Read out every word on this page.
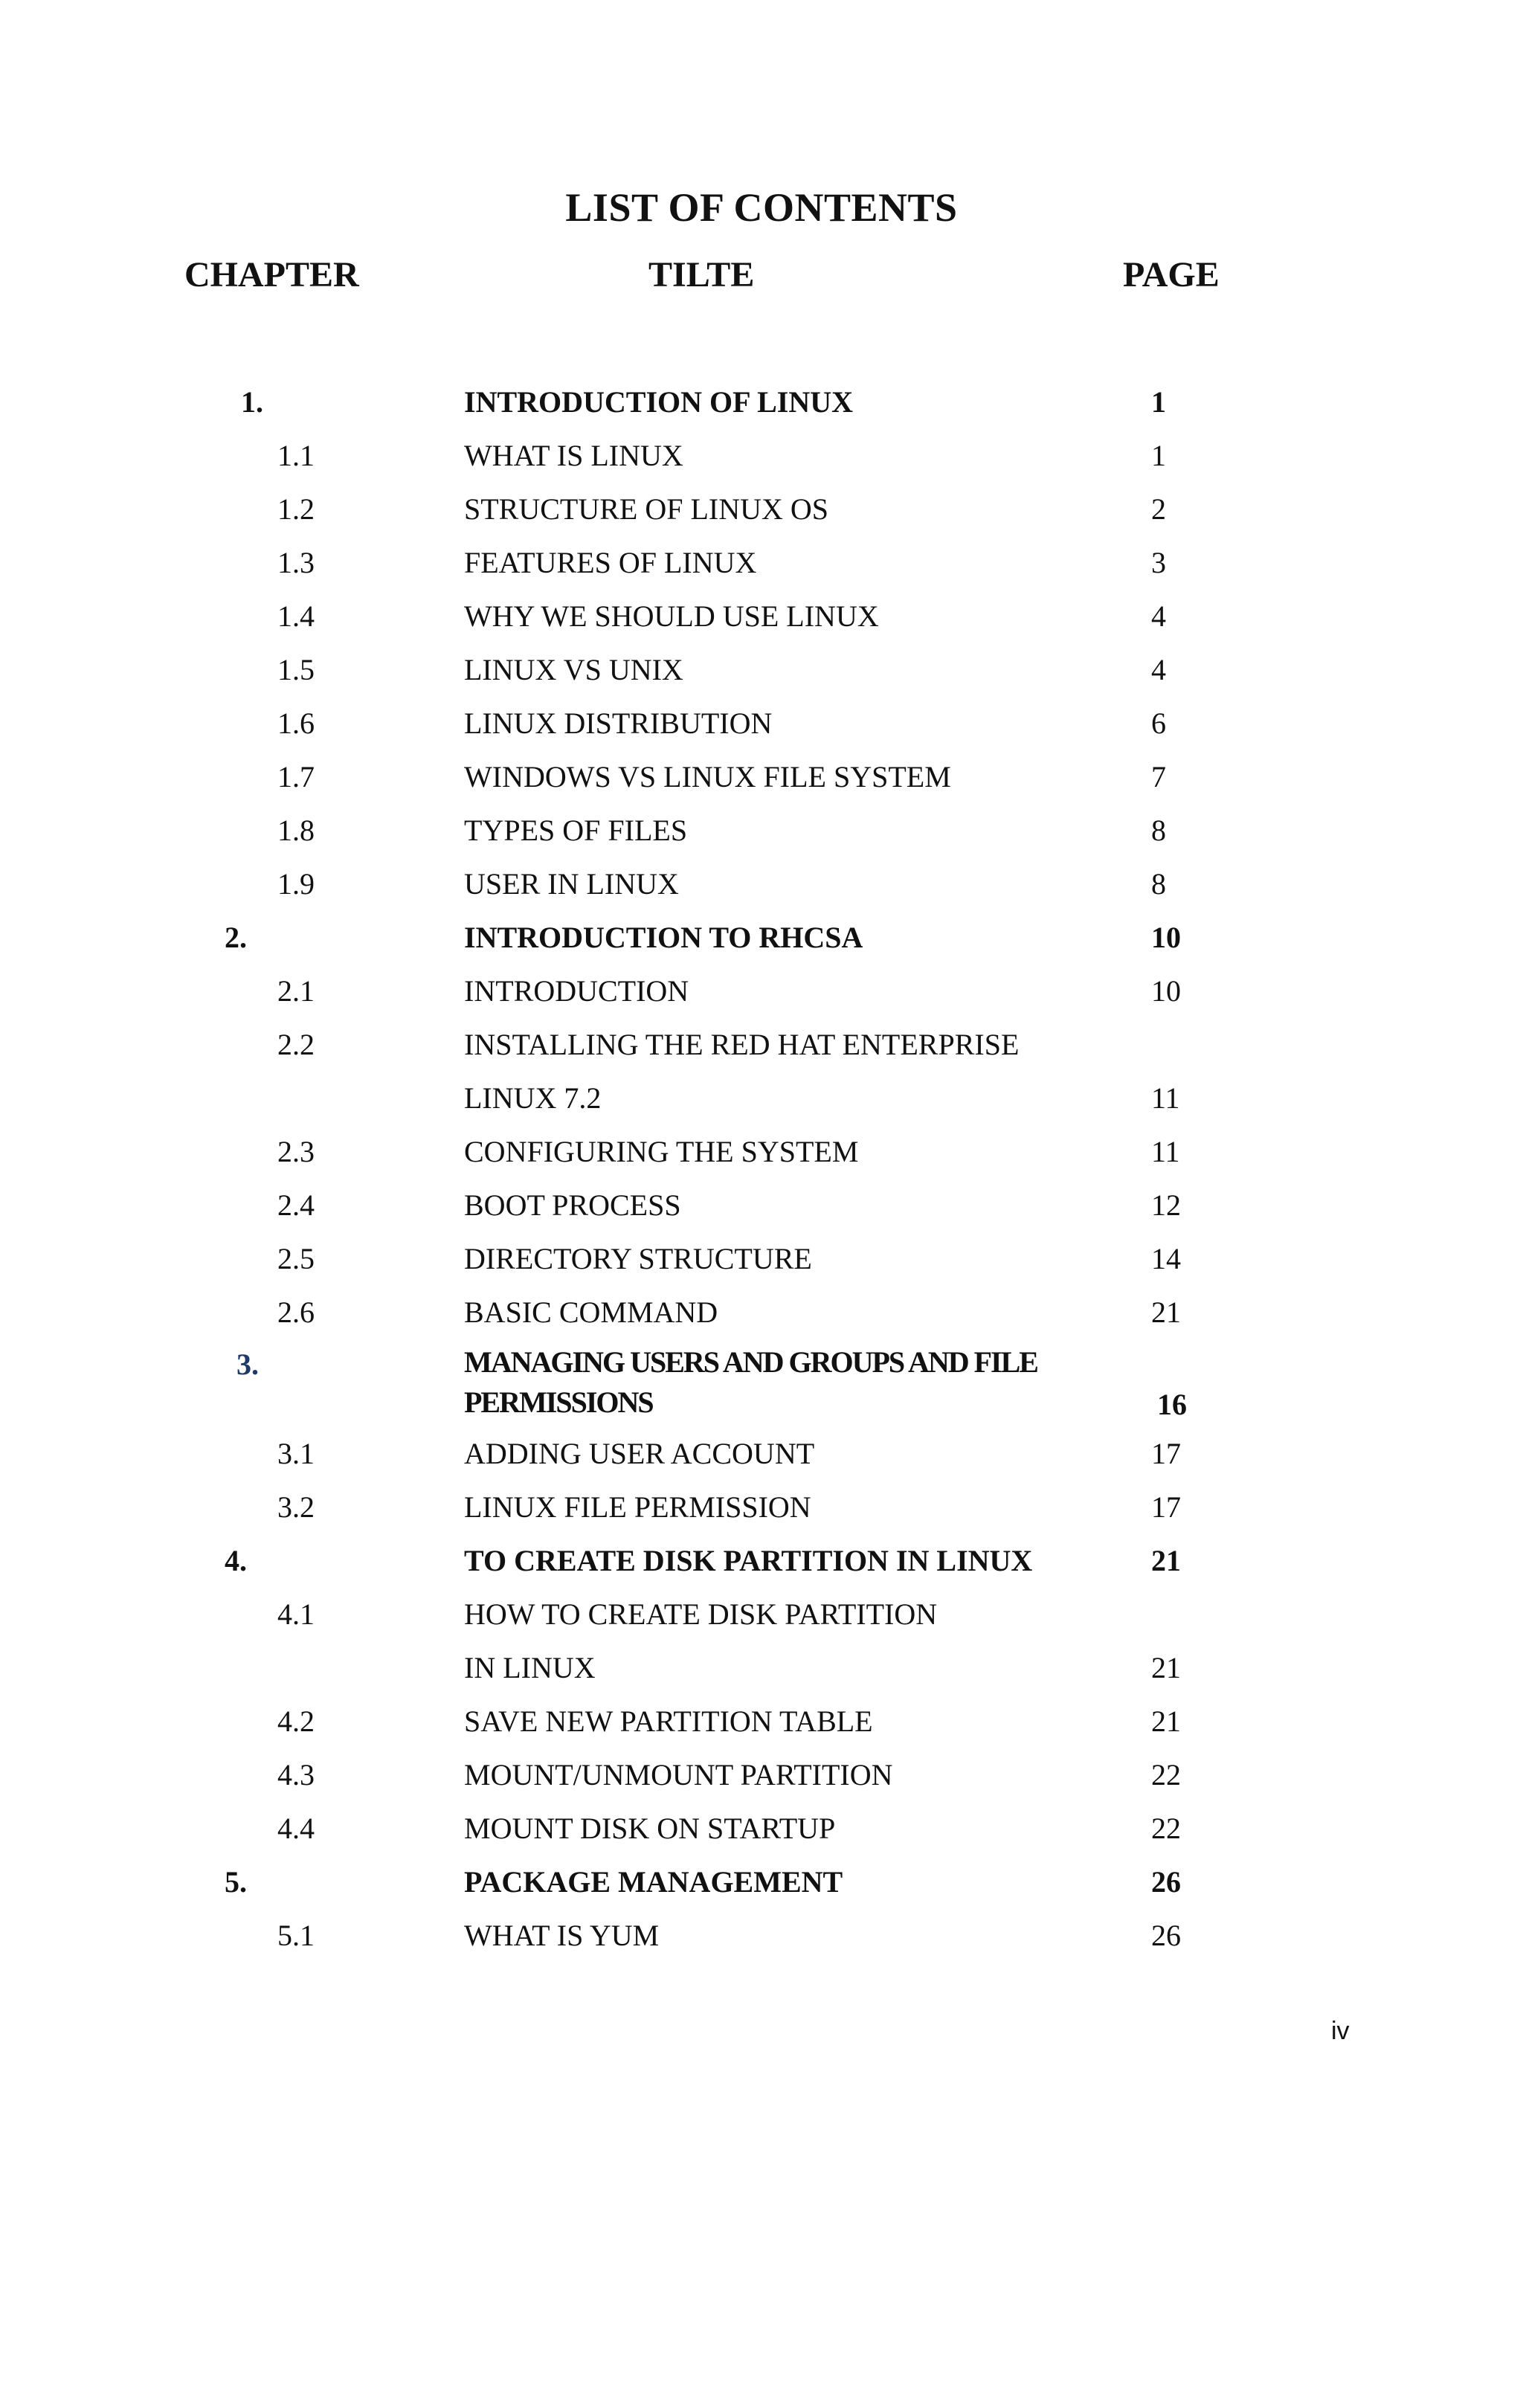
LIST OF CONTENTS
CHAPTER	TILTE	PAGE
1.	INTRODUCTION OF LINUX	1
1.1	WHAT IS LINUX	1
1.2	STRUCTURE OF LINUX OS	2
1.3	FEATURES OF LINUX	3
1.4	WHY WE SHOULD USE LINUX	4
1.5	LINUX VS UNIX	4
1.6	LINUX DISTRIBUTION	6
1.7	WINDOWS VS LINUX FILE SYSTEM	7
1.8	TYPES OF FILES	8
1.9	USER IN LINUX	8
2.	INTRODUCTION TO RHCSA	10
2.1	INTRODUCTION	10
2.2	INSTALLING THE RED HAT ENTERPRISE
LINUX 7.2	11
2.3	CONFIGURING THE SYSTEM	11
2.4	BOOT PROCESS	12
2.5	DIRECTORY STRUCTURE	14
2.6	BASIC COMMAND	21
3.	MANAGING USERS AND GROUPS AND FILE PERMISSIONS	16
3.1	ADDING USER ACCOUNT	17
3.2	LINUX FILE PERMISSION	17
4.	TO CREATE DISK PARTITION IN LINUX	21
4.1	HOW TO CREATE DISK PARTITION
IN LINUX	21
4.2	SAVE NEW PARTITION TABLE	21
4.3	MOUNT/UNMOUNT PARTITION	22
4.4	MOUNT DISK ON STARTUP	22
5.	PACKAGE MANAGEMENT	26
5.1	WHAT IS YUM	26
iv
